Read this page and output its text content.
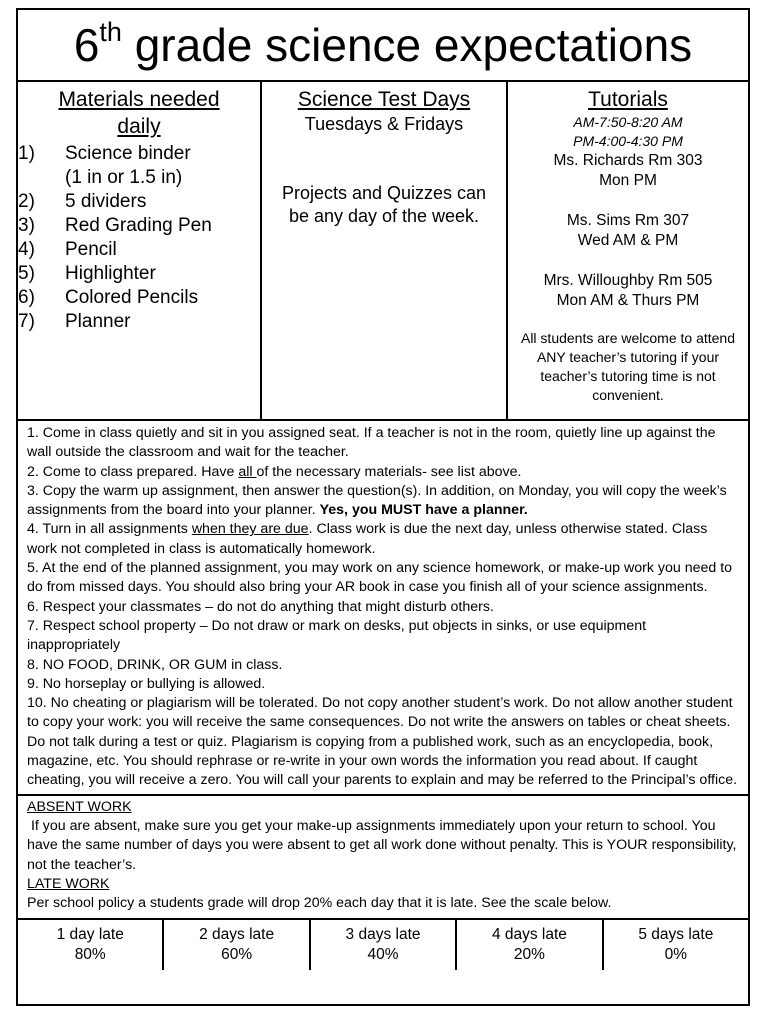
6th grade science expectations
Materials needed daily
1)	Science binder
(1 in or 1.5 in)
2)	5 dividers
3)	Red Grading Pen
4)	Pencil
5)	Highlighter
6)	Colored Pencils
7)	Planner
Science Test Days
Tuesdays & Fridays
Projects and Quizzes can be any day of the week.
Tutorials
AM-7:50-8:20 AM
PM-4:00-4:30 PM
Ms. Richards Rm 303
Mon PM
Ms. Sims Rm 307
Wed AM & PM
Mrs. Willoughby Rm 505
Mon AM & Thurs PM
All students are welcome to attend ANY teacher’s tutoring if your teacher’s tutoring time is not convenient.

1. Come in class quietly and sit in you assigned seat. If a teacher is not in the room, quietly line up against the wall outside the classroom and wait for the teacher.

2. Come to class prepared. Have all of the necessary materials- see list above.

3. Copy the warm up assignment, then answer the question(s). In addition, on Monday, you will copy the week’s assignments from the board into your planner. Yes, you MUST have a planner.

4. Turn in all assignments when they are due. Class work is due the next day, unless otherwise stated. Class work not completed in class is automatically homework.

5. At the end of the planned assignment, you may work on any science homework, or make-up work you need to do from missed days. You should also bring your AR book in case you finish all of your science assignments.

6. Respect your classmates – do not do anything that might disturb others.

7. Respect school property – Do not draw or mark on desks, put objects in sinks, or use equipment inappropriately

8. NO FOOD, DRINK, OR GUM in class.

9. No horseplay or bullying is allowed.

10. No cheating or plagiarism will be tolerated. Do not copy another student’s work. Do not allow another student to copy your work: you will receive the same consequences. Do not write the answers on tables or cheat sheets. Do not talk during a test or quiz. Plagiarism is copying from a published work, such as an encyclopedia, book, magazine, etc. You should rephrase or re-write in your own words the information you read about. If caught cheating, you will receive a zero. You will call your parents to explain and may be referred to the Principal’s office.

ABSENT WORK

If you are absent, make sure you get your make-up assignments immediately upon your return to school. You have the same number of days you were absent to get all work done without penalty. This is YOUR responsibility, not the teacher’s.

LATE WORK

Per school policy a students grade will drop 20% each day that it is late. See the scale below.

1 day late
80%
2 days late
60%
3 days late
40%
4 days late
20%
5 days late
0%
